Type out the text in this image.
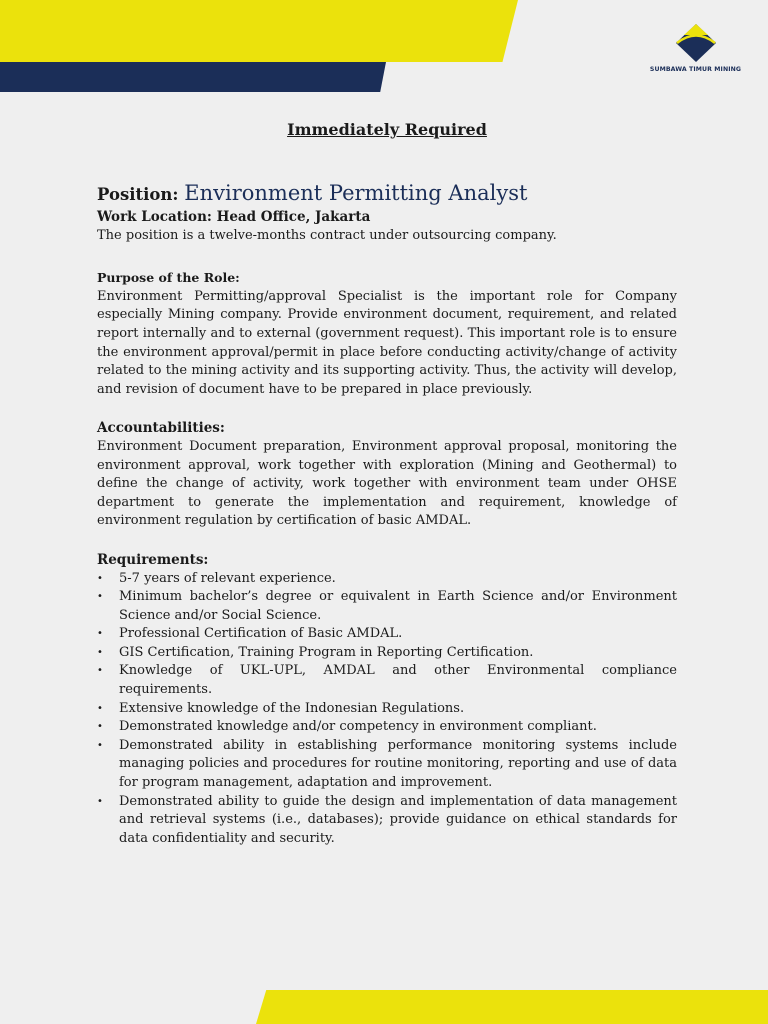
SUMBAWA TIMUR MINING
Immediately Required
Position: Environment Permitting Analyst
Work Location: Head Office, Jakarta

The position is a twelve-months contract under outsourcing company.

Purpose of the Role:

Environment Permitting/approval Specialist is the important role for Company especially Mining company. Provide environment document, requirement, and related report internally and to external (government request). This important role is to ensure the environment approval/permit in place before conducting activity/change of activity related to the mining activity and its supporting activity. Thus, the activity will develop, and revision of document have to be prepared in place previously.

Accountabilities:

Environment Document preparation, Environment approval proposal, monitoring the environment approval, work together with exploration (Mining and Geothermal) to define the change of activity, work together with environment team under OHSE department to generate the implementation and requirement, knowledge of environment regulation by certification of basic AMDAL.

Requirements:
• 5-7 years of relevant experience.
• Minimum bachelor’s degree or equivalent in Earth Science and/or Environment Science and/or Social Science.
• Professional Certification of Basic AMDAL.
• GIS Certification, Training Program in Reporting Certification.
• Knowledge of UKL-UPL, AMDAL and other Environmental compliance requirements.
• Extensive knowledge of the Indonesian Regulations.
• Demonstrated knowledge and/or competency in environment compliant.
• Demonstrated ability in establishing performance monitoring systems include managing policies and procedures for routine monitoring, reporting and use of data for program management, adaptation and improvement.
• Demonstrated ability to guide the design and implementation of data management and retrieval systems (i.e., databases); provide guidance on ethical standards for data confidentiality and security.
